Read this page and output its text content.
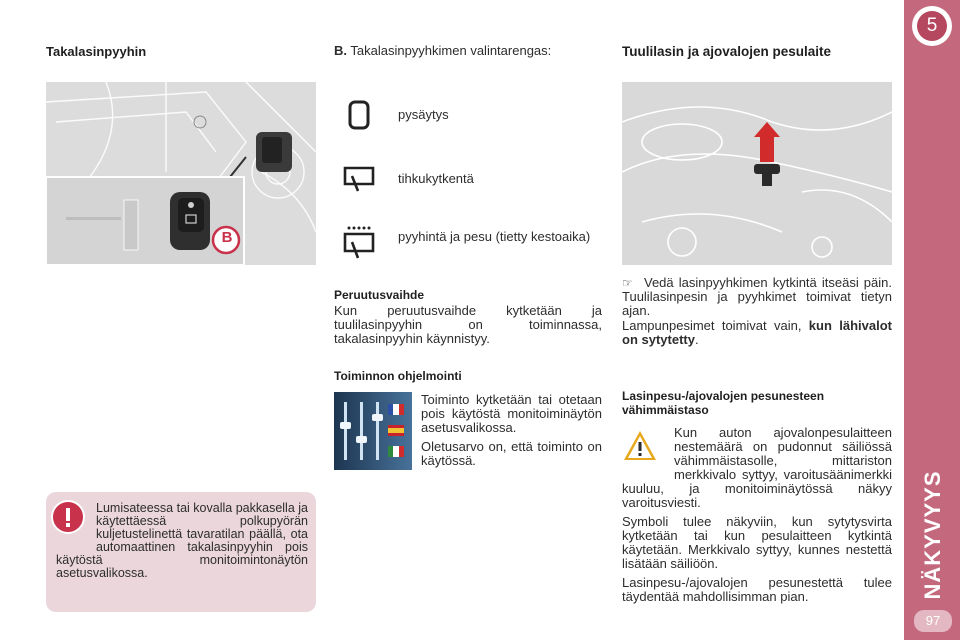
5
NÄKYVYYS
97
Takalasinpyyhin
B
Lumisateessa tai kovalla pakkasella ja käytettäessä polkupyörän kuljetustelinettä tavaratilan päällä, ota automaattinen takalasinpyyhin pois käytöstä monitoimintonäytön asetusvalikossa.
B. Takalasinpyyhkimen valintarengas:
pysäytys
tihkukytkentä
pyyhintä ja pesu (tietty kestoaika)
Peruutusvaihde
Kun peruutusvaihde kytketään ja tuulilasinpyyhin on toiminnassa, takalasinpyyhin käynnistyy.
Toiminnon ohjelmointi

Toiminto kytketään tai otetaan pois käytöstä monitoiminäytön asetusvalikossa.

Oletusarvo on, että toiminto on käytössä.

Tuulilasin ja ajovalojen pesulaite
☞ Vedä lasinpyyhkimen kytkintä itseäsi päin. Tuulilasinpesin ja pyyhkimet toimivat tietyn ajan.
Lampunpesimet toimivat vain, kun lähivalot on sytytetty.
Lasinpesu-/ajovalojen pesunesteen vähimmäistaso

Kun auton ajovalonpesulaitteen nestemäärä on pudonnut säiliössä vähimmäistasolle, mittariston merkkivalo syttyy, varoitusäänimerkki kuuluu, ja monitoiminäytössä näkyy varoitusviesti.

Symboli tulee näkyviin, kun sytytysvirta kytketään tai kun pesulaitteen kytkintä käytetään. Merkkivalo syttyy, kunnes nestettä lisätään säiliöön.

Lasinpesu-/ajovalojen pesunestettä tulee täydentää mahdollisimman pian.
